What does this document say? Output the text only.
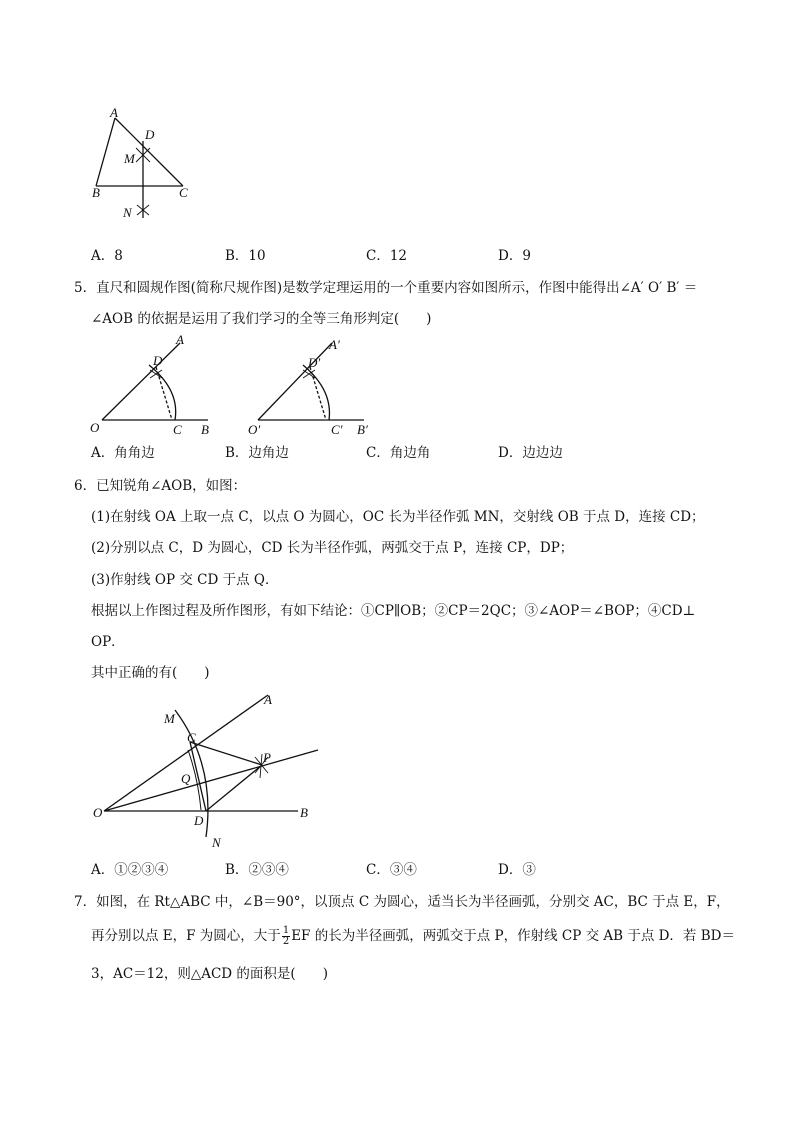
A
D
M
B	C
N
A．8	B．10	C．12	D．9
5．直尺和圆规作图(简称尺规作图)是数学定理运用的一个重要内容如图所示，作图中能得出∠A′ O′ B′ ＝
∠AOB 的依据是运用了我们学习的全等三角形判定(　　)
A
D
O	C B
A′
D′
O′	C′ B′
A．角角边	B．边角边	C．角边角	D．边边边
6．已知锐角∠AOB，如图：
(1)在射线 OA 上取一点 C，以点 O 为圆心，OC 长为半径作弧 MN，交射线 OB 于点 D，连接 CD；
(2)分别以点 C，D 为圆心，CD 长为半径作弧，两弧交于点 P，连接 CP，DP；
(3)作射线 OP 交 CD 于点 Q．
根据以上作图过程及所作图形，有如下结论：①CP∥OB；②CP＝2QC；③∠AOP＝∠BOP；④CD⊥
OP．
其中正确的有(　　)
A
M
C
P
Q
O
D
B
N
A．①②③④	B．②③④	C．③④	D．③
7．如图，在 Rt△ABC 中，∠B＝90°，以顶点 C 为圆心，适当长为半径画弧，分别交 AC，BC 于点 E，F，
再分别以点 E，F 为圆心，大于 $\frac{1}{2}$ EF 的长为半径画弧，两弧交于点 P，作射线 CP 交 AB 于点 D．若 BD＝
3，AC＝12，则△ACD 的面积是(　　)
